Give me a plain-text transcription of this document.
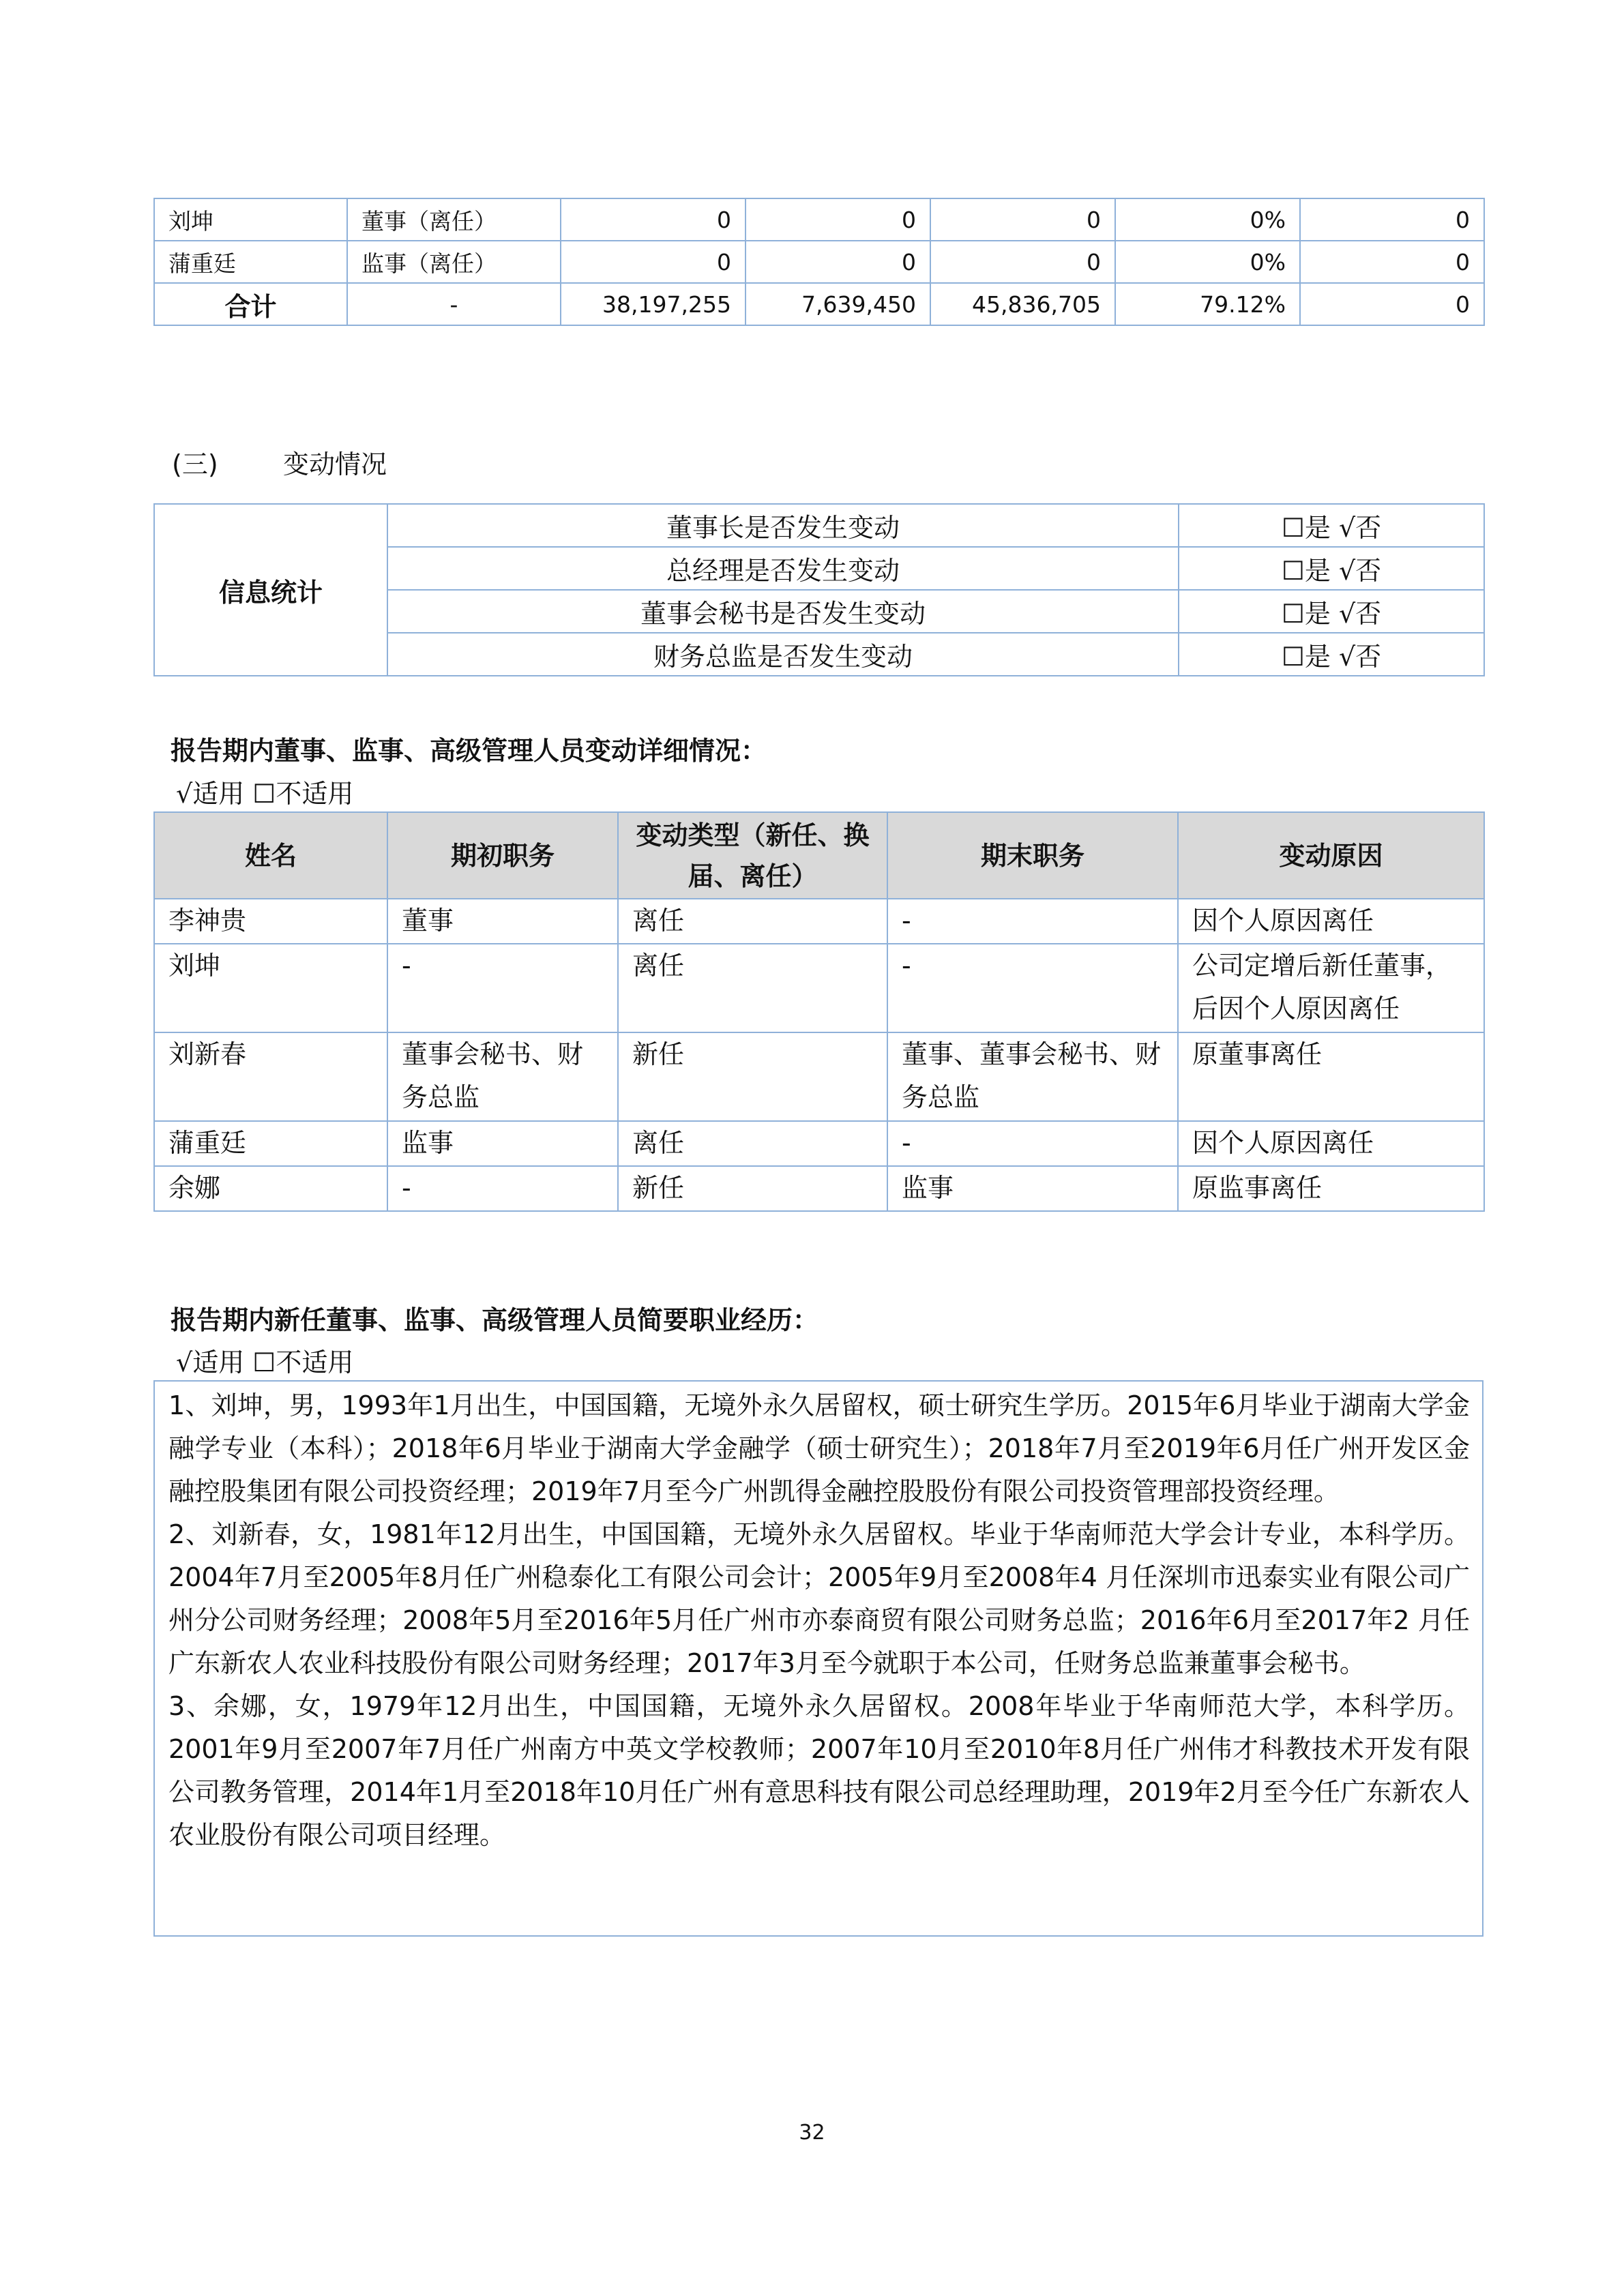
刘坤	董事（离任）	0	0	0	0%	0
蒲重廷	监事（离任）	0	0	0	0%	0
合计	-	38,197,255	7,639,450	45,836,705	79.12%	0
(三)	变动情况
信息统计	董事长是否发生变动	☐是 √否
	总经理是否发生变动	☐是 √否
	董事会秘书是否发生变动	☐是 √否
	财务总监是否发生变动	☐是 √否
报告期内董事、监事、高级管理人员变动详细情况：
√适用 ☐不适用
姓名	期初职务	变动类型（新任、换届、离任）	期末职务	变动原因
李神贵	董事	离任	-	因个人原因离任
刘坤	-	离任	-	公司定增后新任董事，后因个人原因离任
刘新春	董事会秘书、财务总监	新任	董事、董事会秘书、财务总监	原董事离任
蒲重廷	监事	离任	-	因个人原因离任
余娜	-	新任	监事	原监事离任
报告期内新任董事、监事、高级管理人员简要职业经历：
√适用 ☐不适用

1、刘坤，男，1993年1月出生，中国国籍，无境外永久居留权，硕士研究生学历。2015年6月毕业于湖南大学金融学专业（本科）；2018年6月毕业于湖南大学金融学（硕士研究生）；2018年7月至2019年6月任广州开发区金融控股集团有限公司投资经理；2019年7月至今广州凯得金融控股股份有限公司投资管理部投资经理。

2、刘新春，女，1981年12月出生，中国国籍，无境外永久居留权。毕业于华南师范大学会计专业，本科学历。2004年7月至2005年8月任广州稳泰化工有限公司会计；2005年9月至2008年4 月任深圳市迅泰实业有限公司广州分公司财务经理；2008年5月至2016年5月任广州市亦泰商贸有限公司财务总监；2016年6月至2017年2 月任广东新农人农业科技股份有限公司财务经理；2017年3月至今就职于本公司，任财务总监兼董事会秘书。

3、余娜，女，1979年12月出生，中国国籍，无境外永久居留权。2008年毕业于华南师范大学，本科学历。2001年9月至2007年7月任广州南方中英文学校教师；2007年10月至2010年8月任广州伟才科教技术开发有限公司教务管理，2014年1月至2018年10月任广州有意思科技有限公司总经理助理，2019年2月至今任广东新农人农业股份有限公司项目经理。

32
